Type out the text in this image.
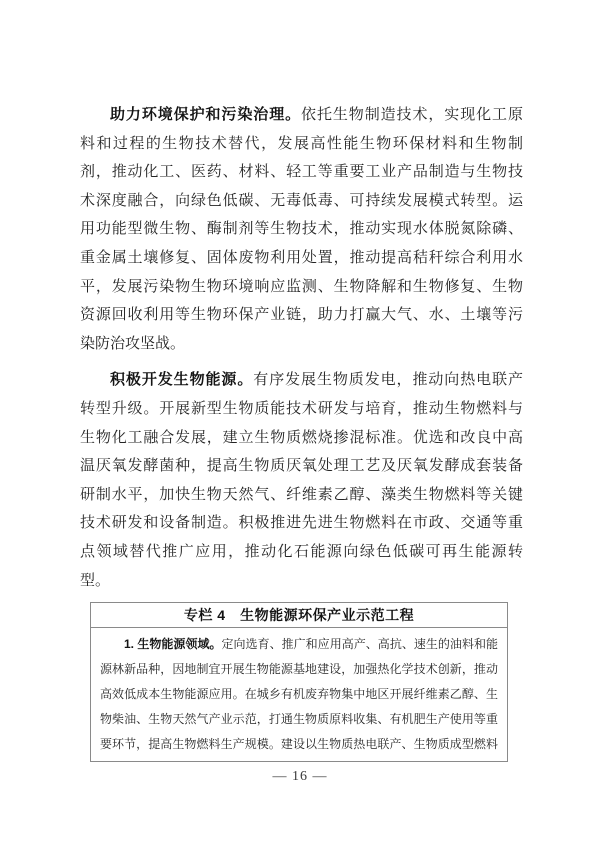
助力环境保护和污染治理。依托生物制造技术，实现化工原
料和过程的生物技术替代，发展高性能生物环保材料和生物制
剂，推动化工、医药、材料、轻工等重要工业产品制造与生物技
术深度融合，向绿色低碳、无毒低毒、可持续发展模式转型。运
用功能型微生物、酶制剂等生物技术，推动实现水体脱氮除磷、
重金属土壤修复、固体废物利用处置，推动提高秸秆综合利用水
平，发展污染物生物环境响应监测、生物降解和生物修复、生物
资源回收利用等生物环保产业链，助力打赢大气、水、土壤等污
染防治攻坚战。
积极开发生物能源。有序发展生物质发电，推动向热电联产
转型升级。开展新型生物质能技术研发与培育，推动生物燃料与
生物化工融合发展，建立生物质燃烧掺混标准。优选和改良中高
温厌氧发酵菌种，提高生物质厌氧处理工艺及厌氧发酵成套装备
研制水平，加快生物天然气、纤维素乙醇、藻类生物燃料等关键
技术研发和设备制造。积极推进先进生物燃料在市政、交通等重
点领域替代推广应用，推动化石能源向绿色低碳可再生能源转
型。
专栏 4　生物能源环保产业示范工程
1. 生物能源领域。定向选育、推广和应用高产、高抗、速生的油料和能
源林新品种，因地制宜开展生物能源基地建设，加强热化学技术创新，推动
高效低成本生物能源应用。在城乡有机废弃物集中地区开展纤维素乙醇、生
物柴油、生物天然气产业示范，打通生物质原料收集、有机肥生产使用等重
要环节，提高生物燃料生产规模。建设以生物质热电联产、生物质成型燃料
— 16 —
